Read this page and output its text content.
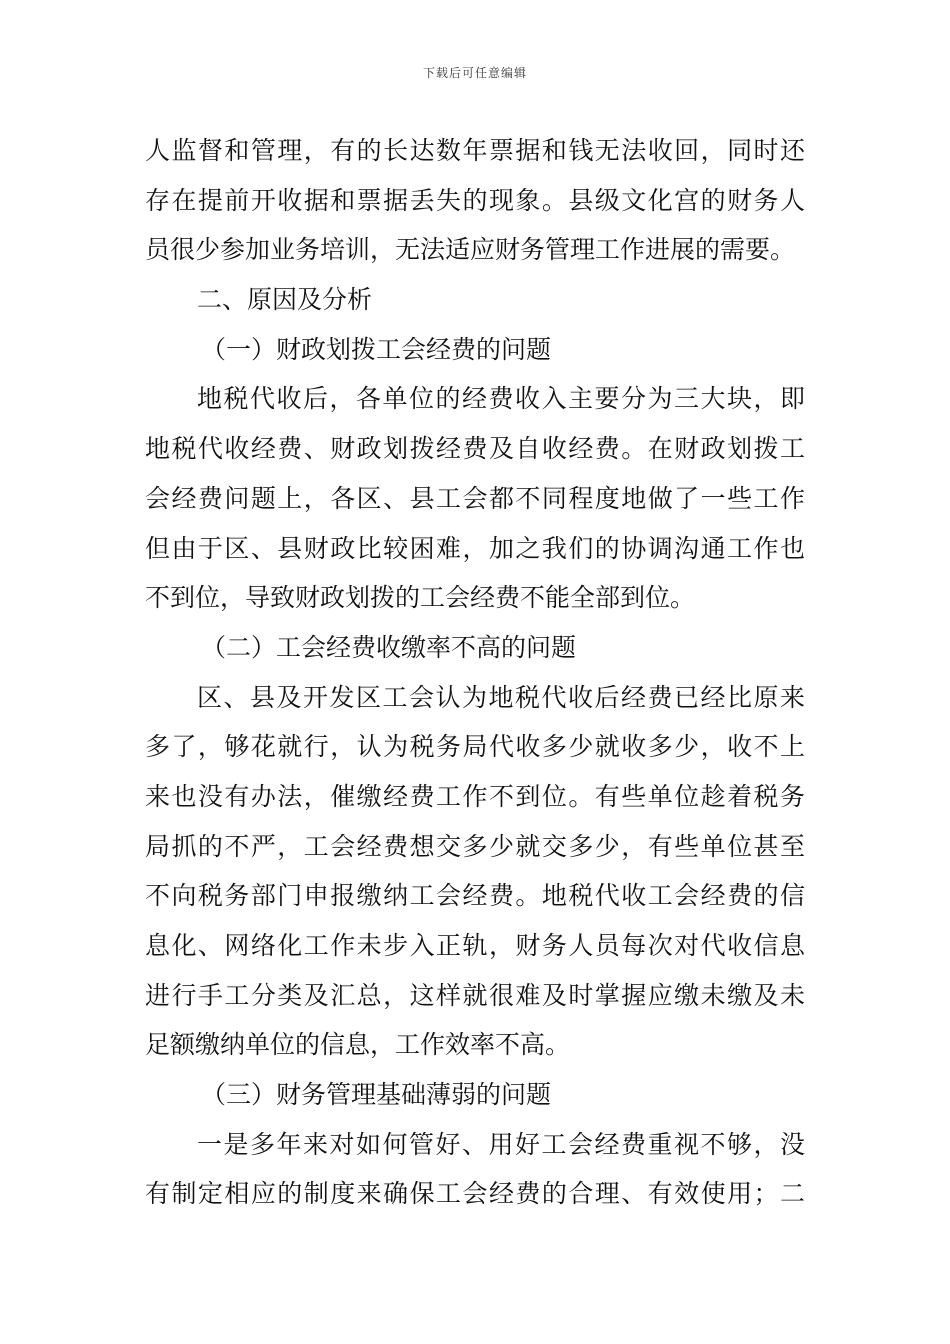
下载后可任意编辑
人监督和管理，有的长达数年票据和钱无法收回，同时还
存在提前开收据和票据丢失的现象。县级文化宫的财务人
员很少参加业务培训，无法适应财务管理工作进展的需要。
二、原因及分析
（一）财政划拨工会经费的问题
地税代收后，各单位的经费收入主要分为三大块，即
地税代收经费、财政划拨经费及自收经费。在财政划拨工
会经费问题上，各区、县工会都不同程度地做了一些工作
但由于区、县财政比较困难，加之我们的协调沟通工作也
不到位，导致财政划拨的工会经费不能全部到位。
（二）工会经费收缴率不高的问题
区、县及开发区工会认为地税代收后经费已经比原来
多了，够花就行，认为税务局代收多少就收多少，收不上
来也没有办法，催缴经费工作不到位。有些单位趁着税务
局抓的不严，工会经费想交多少就交多少，有些单位甚至
不向税务部门申报缴纳工会经费。地税代收工会经费的信
息化、网络化工作未步入正轨，财务人员每次对代收信息
进行手工分类及汇总，这样就很难及时掌握应缴未缴及未
足额缴纳单位的信息，工作效率不高。
（三）财务管理基础薄弱的问题
一是多年来对如何管好、用好工会经费重视不够，没
有制定相应的制度来确保工会经费的合理、有效使用；二
